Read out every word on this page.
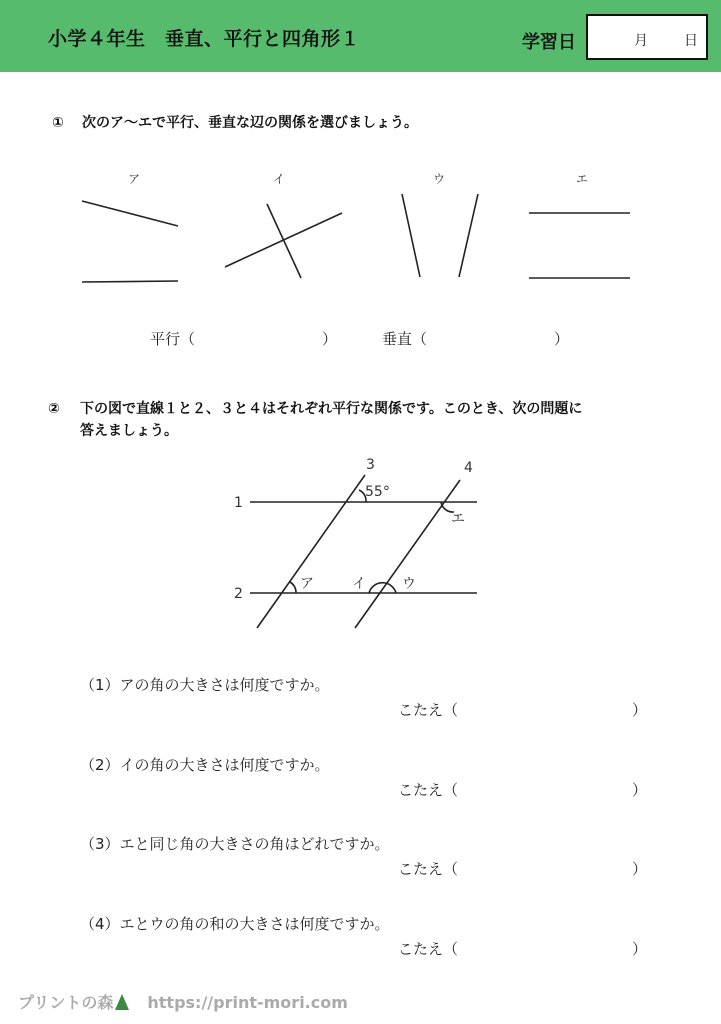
小学４年生　垂直、平行と四角形１	学習日	月	日
① 次のア～エで平行、垂直な辺の関係を選びましょう。
ア	イ	ウ	エ
平行（	）	垂直（	）
② 下の図で直線１と２、３と４はそれぞれ平行な関係です。このとき、次の問題に
答えましょう。
1
2
3	4
55°
エ
ア	イ	ウ
（1）アの角の大きさは何度ですか。
こたえ（	）
（2）イの角の大きさは何度ですか。
こたえ（	）
（3）エと同じ角の大きさの角はどれですか。
こたえ（	）
（4）エとウの角の和の大きさは何度ですか。
こたえ（	）
プリントの森 https://print-mori.com
